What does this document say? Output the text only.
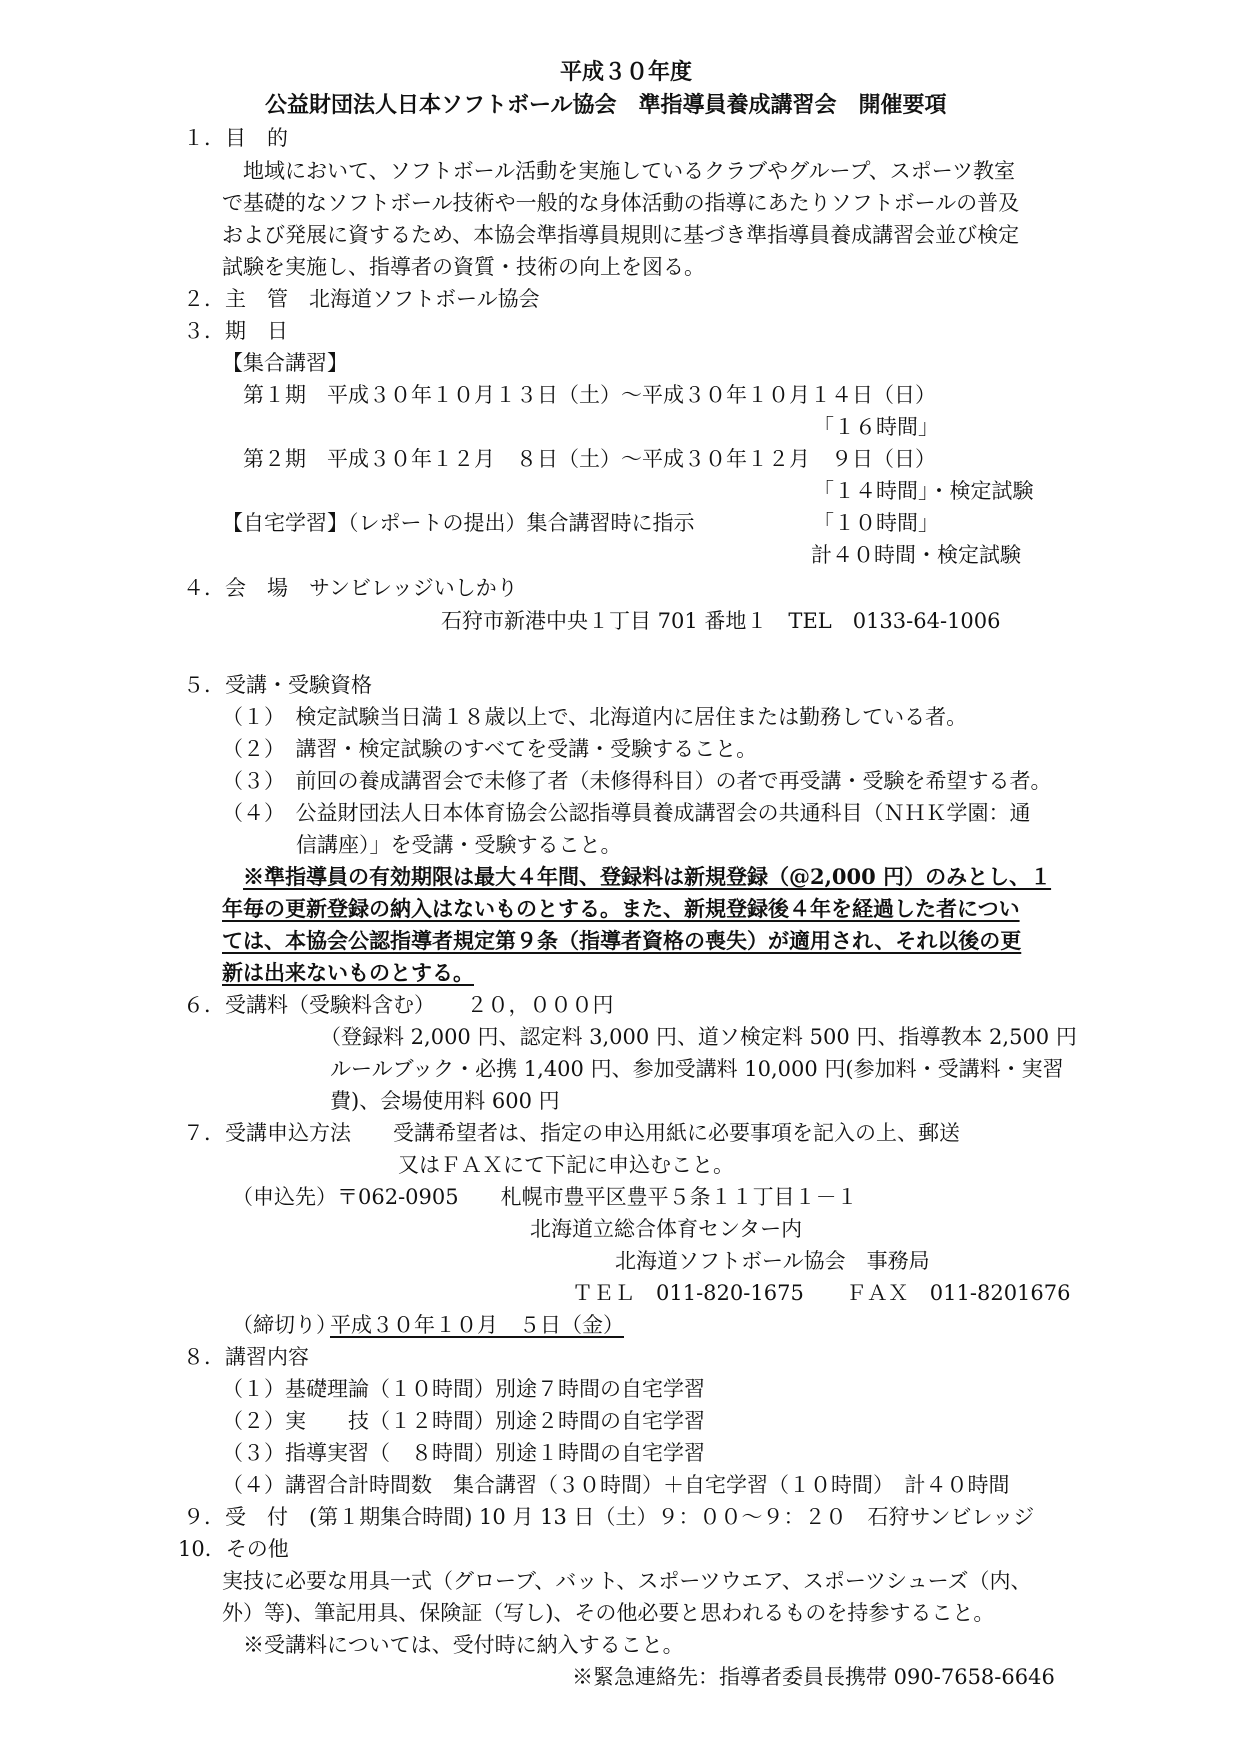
平成３０年度
公益財団法人日本ソフトボール協会　準指導員養成講習会　開催要項
１．目　的
地域において、ソフトボール活動を実施しているクラブやグループ、スポーツ教室
で基礎的なソフトボール技術や一般的な身体活動の指導にあたりソフトボールの普及
および発展に資するため、本協会準指導員規則に基づき準指導員養成講習会並び検定
試験を実施し、指導者の資質・技術の向上を図る。
２．主　管　北海道ソフトボール協会
３．期　日
【集合講習】
第１期　平成３０年１０月１３日（土）～平成３０年１０月１４日（日）
「１６時間」
第２期　平成３０年１２月　８日（土）～平成３０年１２月　９日（日）
「１４時間」・検定試験
【自宅学習】（レポートの提出）集合講習時に指示	「１０時間」
計４０時間・検定試験
４．会　場　サンビレッジいしかり
石狩市新港中央１丁目 701 番地１　TEL　0133-64-1006
５．受講・受験資格
（１）　検定試験当日満１８歳以上で、北海道内に居住または勤務している者。
（２）　講習・検定試験のすべてを受講・受験すること。
（３）　前回の養成講習会で未修了者（未修得科目）の者で再受講・受験を希望する者。
（４）　公益財団法人日本体育協会公認指導員養成講習会の共通科目（ＮＨＫ学園：通
信講座）」を受講・受験すること。
※準指導員の有効期限は最大４年間、登録料は新規登録（@2,000 円）のみとし、１
年毎の更新登録の納入はないものとする。また、新規登録後４年を経過した者につい
ては、本協会公認指導者規定第９条（指導者資格の喪失）が適用され、それ以後の更
新は出来ないものとする。
６．受講料（受験料含む）　　２０，０００円
（登録料 2,000 円、認定料 3,000 円、道ソ検定料 500 円、指導教本 2,500 円
ルールブック・必携 1,400 円、参加受講料 10,000 円(参加料・受講料・実習
費)、会場使用料 600 円
７．受講申込方法　　受講希望者は、指定の申込用紙に必要事項を記入の上、郵送
又はＦＡＸにて下記に申込むこと。
（申込先）〒062-0905　　札幌市豊平区豊平５条１１丁目１－１
北海道立総合体育センター内
北海道ソフトボール協会　事務局
ＴＥＬ　011-820-1675　　ＦＡＸ　011-8201676
（締切り）
平成３０年１０月　５日（金）
８．講習内容
（１）基礎理論（１０時間）別途７時間の自宅学習
（２）実　　技（１２時間）別途２時間の自宅学習
（３）指導実習（　８時間）別途１時間の自宅学習
（４）講習合計時間数　集合講習（３０時間）＋自宅学習（１０時間）　計４０時間
９．受　付　(第１期集合時間) 10 月 13 日（土）９：００～９：２０　石狩サンビレッジ
10．その他
実技に必要な用具一式（グローブ、バット、スポーツウエア、スポーツシューズ（内、
外）等)、筆記用具、保険証（写し)、その他必要と思われるものを持参すること。
※受講料については、受付時に納入すること。
※緊急連絡先：指導者委員長携帯 090-7658-6646
